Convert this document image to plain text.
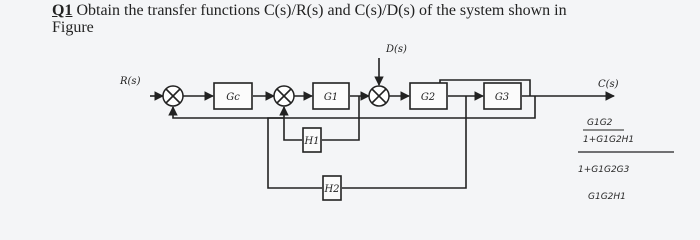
Q1 Obtain the transfer functions C(s)/R(s) and C(s)/D(s) of the system shown in
Figure
Gc	G1	G2	G3
H1
H2
R(s)
D(s)
C(s)
G1G2
1+G1G2H1
1+G1G2G3
G1G2H1
